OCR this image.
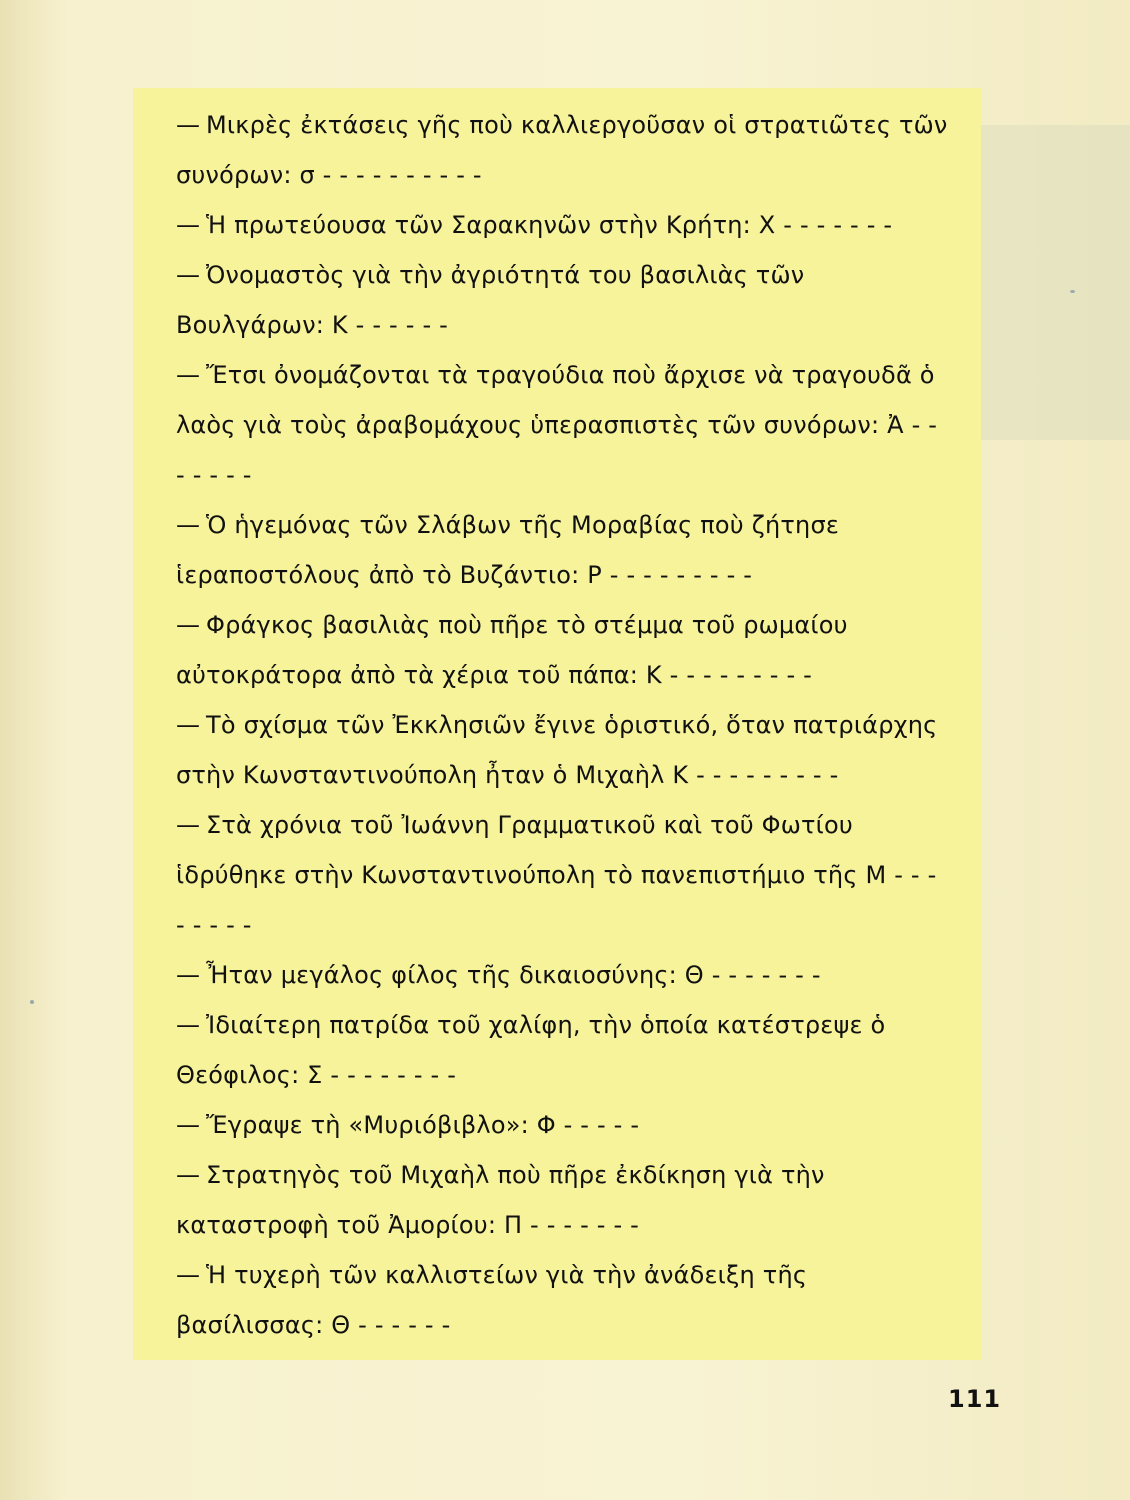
— Μικρὲς ἐκτάσεις γῆς ποὺ καλλιεργοῦσαν οἱ στρατιῶτες τῶν συνόρων: σ - - - - - - - - - -
— Ἡ πρωτεύουσα τῶν Σαρακηνῶν στὴν Κρήτη: Χ - - - - - - -
— Ὀνομαστὸς γιὰ τὴν ἀγριότητά του βασιλιὰς τῶν Βουλγάρων: Κ - - - - - -
— Ἔτσι ὀνομάζονται τὰ τραγούδια ποὺ ἄρχισε νὰ τραγουδᾶ ὁ λαὸς γιὰ τοὺς ἀραβομάχους ὑπερασπιστὲς τῶν συνόρων: Ἀ - - - - - - -
— Ὁ ἡγεμόνας τῶν Σλάβων τῆς Μοραβίας ποὺ ζήτησε ἱεραποστόλους ἀπὸ τὸ Βυζάντιο: Ρ - - - - - - - - -
— Φράγκος βασιλιὰς ποὺ πῆρε τὸ στέμμα τοῦ ρωμαίου αὐτοκράτορα ἀπὸ τὰ χέρια τοῦ πάπα: Κ - - - - - - - - -
— Τὸ σχίσμα τῶν Ἐκκλησιῶν ἔγινε ὁριστικό, ὅταν πατριάρχης στὴν Κωνσταντινούπολη ἦταν ὁ Μιχαὴλ Κ - - - - - - - - -
— Στὰ χρόνια τοῦ Ἰωάννη Γραμματικοῦ καὶ τοῦ Φωτίου ἱδρύθηκε στὴν Κωνσταντινούπολη τὸ πανεπιστήμιο τῆς Μ - - - - - - - -
— Ἦταν μεγάλος φίλος τῆς δικαιοσύνης: Θ - - - - - - -
— Ἰδιαίτερη πατρίδα τοῦ χαλίφη, τὴν ὁποία κατέστρεψε ὁ Θεόφιλος: Σ - - - - - - - -
— Ἔγραψε τὴ «Μυριόβιβλο»: Φ - - - - -
— Στρατηγὸς τοῦ Μιχαὴλ ποὺ πῆρε ἐκδίκηση γιὰ τὴν καταστροφὴ τοῦ Ἀμορίου: Π - - - - - - -
— Ἡ τυχερὴ τῶν καλλιστείων γιὰ τὴν ἀνάδειξη τῆς βασίλισσας: Θ - - - - - -
111
